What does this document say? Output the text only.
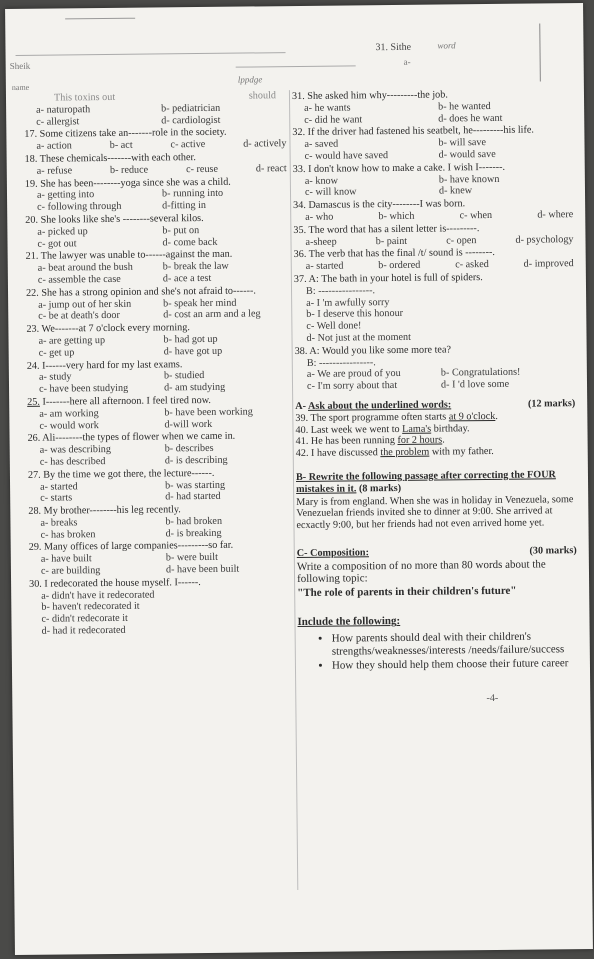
31. Sithe	word
a-
Sheik
name
lppdge
This toxins out	should
a- naturopath	b- pediatrician
c- allergist	d- cardiologist
17. Some citizens take an-------role in the society.
a- action	b- act	c- active	d- actively
18. These chemicals-------with each other.
a- refuse	b- reduce	c- reuse	d- react
19. She has been--------yoga since she was a child.
a- getting into	b- running into
c- following through	d-fitting in
20. She looks like she's --------several kilos.
a- picked up	b- put on
c- got out	d- come back
21. The lawyer was unable to------against the man.
a- beat around the bush	b- break the law
c- assemble the case	d- ace a test
22. She has a strong opinion and she's not afraid to------.
a- jump out of her skin	b- speak her mind
c- be at death's door	d- cost an arm and a leg
23. We-------at 7 o'clock every morning.
a- are getting up	b- had got up
c- get up	d- have got up
24. I------very hard for my last exams.
a- study	b- studied
c- have been studying	d- am studying
25. I-------here all afternoon. I feel tired now.
a- am working	b- have been working
c- would work	d-will work
26. Ali--------the types of flower when we came in.
a- was describing	b- describes
c- has described	d- is describing
27. By the time we got there, the lecture------.
a- started	b- was starting
c- starts	d- had started
28. My brother--------his leg recently.
a- breaks	b- had broken
c- has broken	d- is breaking
29. Many offices of large companies---------so far.
a- have built	b- were built
c- are building	d- have been built
30. I redecorated the house myself. I------.
a- didn't have it redecorated
b- haven't redecorated it
c- didn't redecorate it
d- had it redecorated
31. She asked him why---------the job.
a- he wants	b- he wanted
c- did he want	d- does he want
32. If the driver had fastened his seatbelt, he---------his life.
a- saved	b- will save
c- would have saved	d- would save
33. I don't know how to make a cake. I wish I-------.
a- know	b- have known
c- will know	d- knew
34. Damascus is the city--------I was born.
a- who	b- which	c- when	d- where
35. The word that has a silent letter is---------.
a-sheep	b- paint	c- open	d- psychology
36. The verb that has the final /t/ sound is --------.
a- started	b- ordered	c- asked	d- improved
37. A: The bath in your hotel is full of spiders.
B: ----------------.
a- I 'm awfully sorry
b- I deserve this honour
c- Well done!
d- Not just at the moment
38. A: Would you like some more tea?
B: ----------------.
a- We are proud of you	b- Congratulations!
c- I'm sorry about that	d- I 'd love some
A- Ask about the underlined words:	(12 marks)
39. The sport programme often starts at 9 o'clock.
40. Last week we went to Lama's birthday.
41. He has been running for 2 hours.
42. I have discussed the problem with my father.
B- Rewrite the following passage after correcting the FOUR mistakes in it. (8 marks)
Mary is from england. When she was in holiday in Venezuela, some Venezuelan friends invited she to dinner at 9:00. She arrived at ecxactly 9:00, but her friends had not even arrived home yet.
C- Composition:	(30 marks)
Write a composition of no more than 80 words about the following topic:
"The role of parents in their children's future"
Include the following:
• How parents should deal with their children's strengths/weaknesses/interests /needs/failure/success
• How they should help them choose their future career
-4-
